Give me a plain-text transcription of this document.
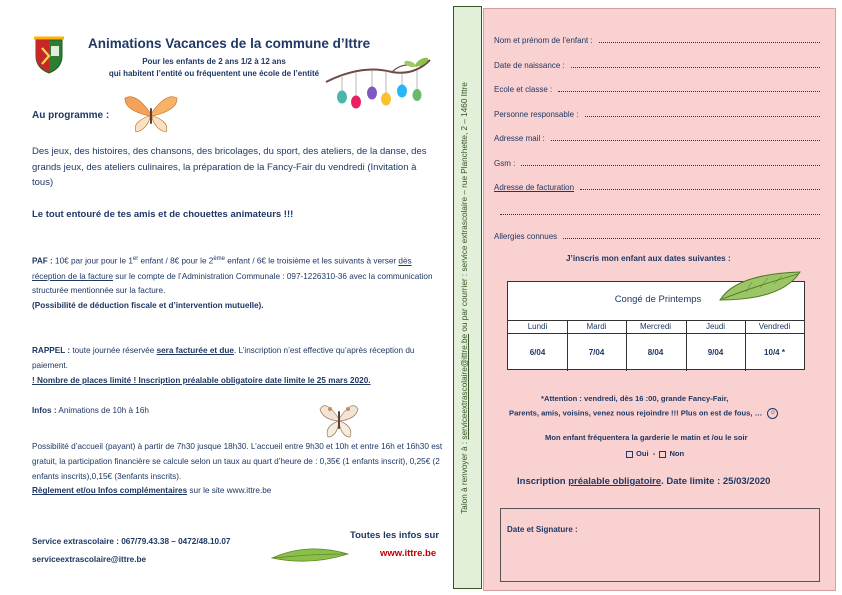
Animations Vacances de la commune d’Ittre
Pour les enfants de 2 ans 1/2 à 12 ans
qui habitent l’entité ou fréquentent une école de l’entité
Au programme :
Des jeux, des histoires, des chansons, des bricolages, du sport, des ateliers, de la danse, des grands jeux, des ateliers culinaires, la préparation de la Fancy-Fair du vendredi (Invitation à tous)
Le tout entouré de tes amis et de chouettes animateurs !!!
PAF : 10€ par jour pour le 1er enfant / 8€ pour le 2ème enfant / 6€ le troisième et les suivants à verser dès réception de la facture sur le compte de l’Administration Communale : 097-1226310-36 avec la communication structurée mentionnée sur la facture.
(Possibilité de déduction fiscale et d’intervention mutuelle).
RAPPEL : toute journée réservée sera facturée et due. L’inscription n’est effective qu’après réception du paiement.
! Nombre de places limité ! Inscription préalable obligatoire date limite le 25 mars 2020.
Infos : Animations de 10h à 16h
Possibilité d’accueil (payant) à partir de 7h30 jusque 18h30. L’accueil entre 9h30 et 10h et entre 16h et 16h30 est gratuit, la participation financière se calcule selon un taux au quart d’heure de : 0,35€ (1 enfants inscrit), 0,25€ (2 enfants inscrits),0,15€ (3enfants inscrits).
Règlement et/ou Infos complémentaires sur le site www.ittre.be
Service extrascolaire : 067/79.43.38 – 0472/48.10.07
serviceextrascolaire@ittre.be
Toutes les infos sur
www.ittre.be
Talon à renvoyer à : serviceextrascolaire@ittre.be ou par courrier : service extrascolaire – rue Planchette, 2 – 1460 Ittre
Nom et prénom de l’enfant :
Date de naissance :
Ecole et classe :
Personne responsable :
Adresse mail :
Gsm :
Adresse de facturation
Allergies connues
J’inscris mon enfant aux dates suivantes :
Congé de Printemps
Lundi
6/04
Mardi
7/04
Mercredi
8/04
Jeudi
9/04
Vendredi
10/4 *
*Attention : vendredi, dès 16 :00, grande Fancy-Fair,
Parents, amis, voisins, venez nous rejoindre !!! Plus on est de fous, … ☺
Mon enfant fréquentera la garderie le matin et /ou le soir
Oui - Non
Inscription préalable obligatoire. Date limite : 25/03/2020
Date et Signature :
